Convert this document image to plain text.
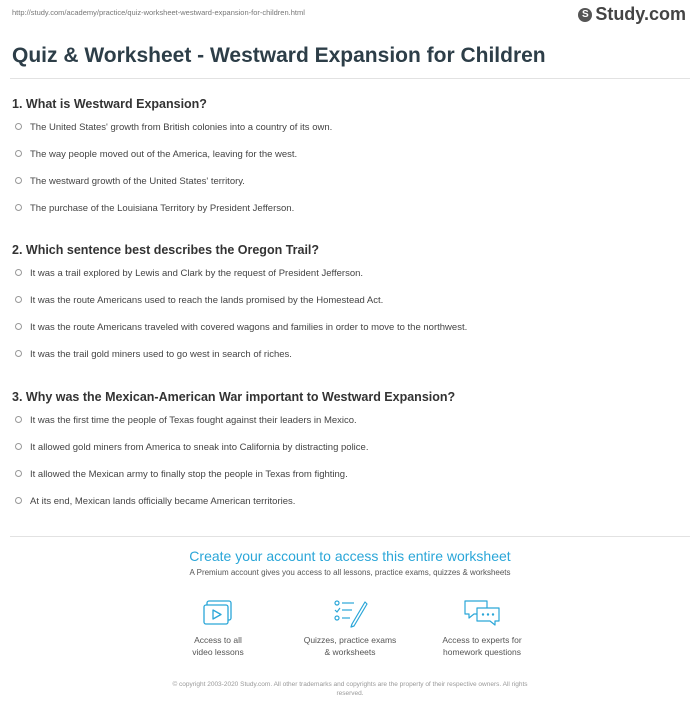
http://study.com/academy/practice/quiz-worksheet-westward-expansion-for-children.html	S Study.com
Quiz & Worksheet - Westward Expansion for Children
1. What is Westward Expansion?
The United States' growth from British colonies into a country of its own.
The way people moved out of the America, leaving for the west.
The westward growth of the United States' territory.
The purchase of the Louisiana Territory by President Jefferson.
2. Which sentence best describes the Oregon Trail?
It was a trail explored by Lewis and Clark by the request of President Jefferson.
It was the route Americans used to reach the lands promised by the Homestead Act.
It was the route Americans traveled with covered wagons and families in order to move to the northwest.
It was the trail gold miners used to go west in search of riches.
3. Why was the Mexican-American War important to Westward Expansion?
It was the first time the people of Texas fought against their leaders in Mexico.
It allowed gold miners from America to sneak into California by distracting police.
It allowed the Mexican army to finally stop the people in Texas from fighting.
At its end, Mexican lands officially became American territories.
Create your account to access this entire worksheet
A Premium account gives you access to all lessons, practice exams, quizzes & worksheets
Access to all
video lessons
Quizzes, practice exams
& worksheets
Access to experts for
homework questions
© copyright 2003-2020 Study.com. All other trademarks and copyrights are the property of their respective owners. All rights
reserved.
